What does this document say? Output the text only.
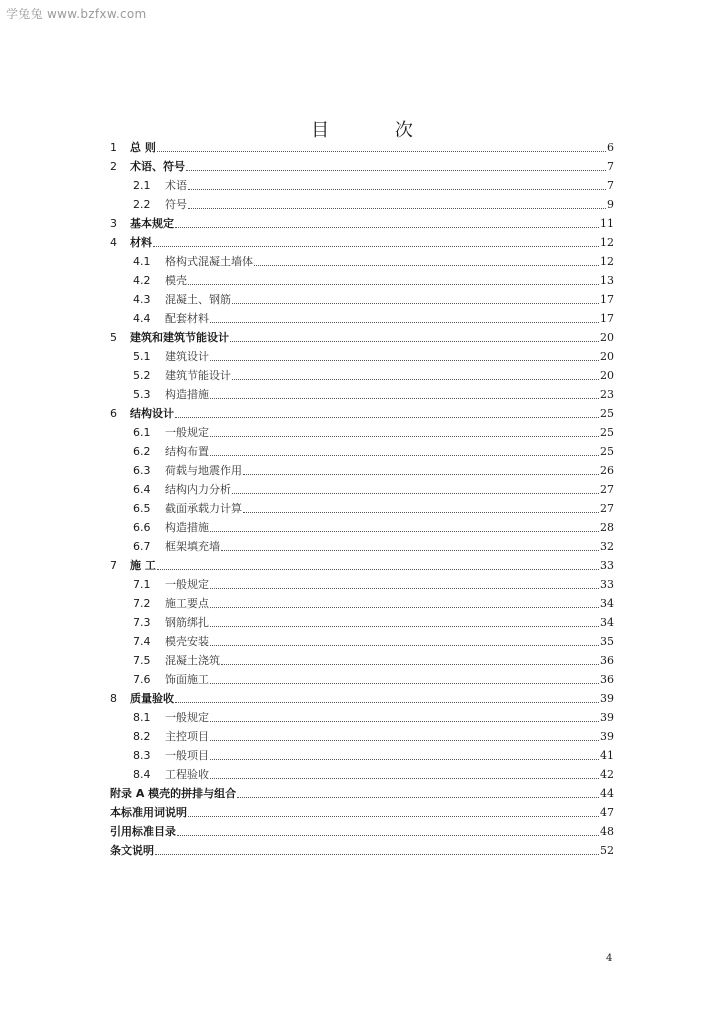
学兔兔 www.bzfxw.com
目 次
1	总 则	6
2	术语、符号	7
2.1	术语	7
2.2	符号	9
3	基本规定	11
4	材料	12
4.1	格构式混凝土墙体	12
4.2	模壳	13
4.3	混凝土、钢筋	17
4.4	配套材料	17
5	建筑和建筑节能设计	20
5.1	建筑设计	20
5.2	建筑节能设计	20
5.3	构造措施	23
6	结构设计	25
6.1	一般规定	25
6.2	结构布置	25
6.3	荷载与地震作用	26
6.4	结构内力分析	27
6.5	截面承载力计算	27
6.6	构造措施	28
6.7	框架填充墙	32
7	施 工	33
7.1	一般规定	33
7.2	施工要点	34
7.3	钢筋绑扎	34
7.4	模壳安装	35
7.5	混凝土浇筑	36
7.6	饰面施工	36
8	质量验收	39
8.1	一般规定	39
8.2	主控项目	39
8.3	一般项目	41
8.4	工程验收	42
附录 A 模壳的拼排与组合	44
本标准用词说明	47
引用标准目录	48
条文说明	52
4
